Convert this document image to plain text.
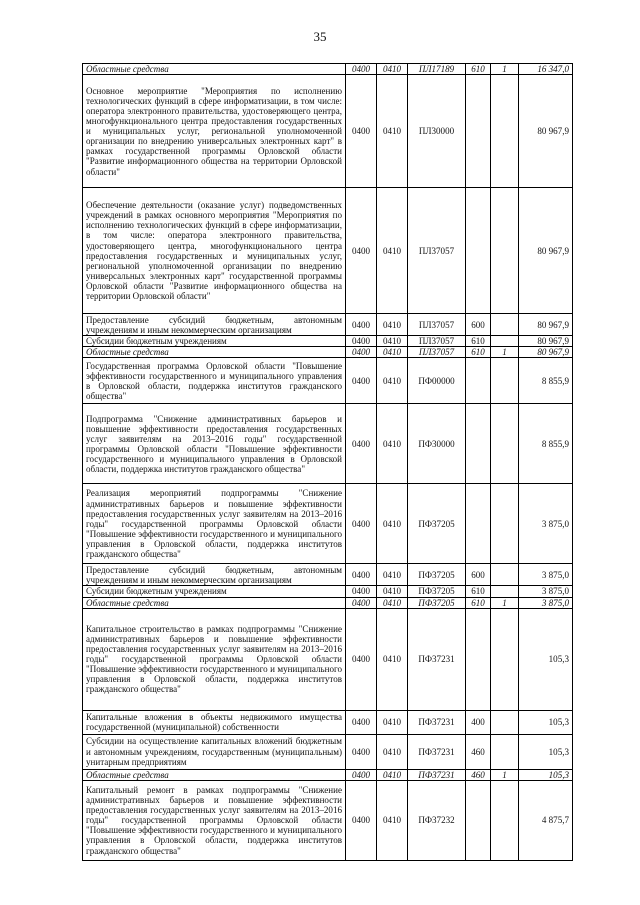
35
Областные средства	0400	0410	ПЛ17189	610	1	16 347,0
Основное мероприятие "Мероприятия по исполнению технологических функций в сфере информатизации, в том числе: оператора электронного правительства, удостоверяющего центра, многофункционального центра предоставления государственных и муниципальных услуг, региональной уполномоченной организации по внедрению универсальных электронных карт" в рамках государственной программы Орловской области "Развитие информационного общества на территории Орловской области"	0400	0410	ПЛ30000			80 967,9
Обеспечение деятельности (оказание услуг) подведомственных учреждений в рамках основного мероприятия "Мероприятия по исполнению технологических функций в сфере информатизации, в том числе: оператора электронного правительства, удостоверяющего центра, многофункционального центра предоставления государственных и муниципальных услуг, региональной уполномоченной организации по внедрению универсальных электронных карт" государственной программы Орловской области "Развитие информационного общества на территории Орловской области"	0400	0410	ПЛ37057			80 967,9
Предоставление субсидий бюджетным, автономным учреждениям и иным некоммерческим организациям	0400	0410	ПЛ37057	600		80 967,9
Субсидии бюджетным учреждениям	0400	0410	ПЛ37057	610		80 967,9
Областные средства	0400	0410	ПЛ37057	610	1	80 967,9
Государственная программа Орловской области "Повышение эффективности государственного и муниципального управления в Орловской области, поддержка институтов гражданского общества"	0400	0410	ПФ00000			8 855,9
Подпрограмма "Снижение административных барьеров и повышение эффективности предоставления государственных услуг заявителям на 2013–2016 годы" государственной программы Орловской области "Повышение эффективности государственного и муниципального управления в Орловской области, поддержка институтов гражданского общества"	0400	0410	ПФ30000			8 855,9
Реализация мероприятий подпрограммы "Снижение административных барьеров и повышение эффективности предоставления государственных услуг заявителям на 2013–2016 годы" государственной программы Орловской области "Повышение эффективности государственного и муниципального управления в Орловской области, поддержка институтов гражданского общества"	0400	0410	ПФ37205			3 875,0
Предоставление субсидий бюджетным, автономным учреждениям и иным некоммерческим организациям	0400	0410	ПФ37205	600		3 875,0
Субсидии бюджетным учреждениям	0400	0410	ПФ37205	610		3 875,0
Областные средства	0400	0410	ПФ37205	610	1	3 875,0
Капитальное строительство в рамках подпрограммы "Снижение административных барьеров и повышение эффективности предоставления государственных услуг заявителям на 2013–2016 годы" государственной программы Орловской области "Повышение эффективности государственного и муниципального управления в Орловской области, поддержка институтов гражданского общества"	0400	0410	ПФ37231			105,3
Капитальные вложения в объекты недвижимого имущества государственной (муниципальной) собственности	0400	0410	ПФ37231	400		105,3
Субсидии на осуществление капитальных вложений бюджетным и автономным учреждениям, государственным (муниципальным) унитарным предприятиям	0400	0410	ПФ37231	460		105,3
Областные средства	0400	0410	ПФ37231	460	1	105,3
Капитальный ремонт в рамках подпрограммы "Снижение административных барьеров и повышение эффективности предоставления государственных услуг заявителям на 2013–2016 годы" государственной программы Орловской области "Повышение эффективности государственного и муниципального управления в Орловской области, поддержка институтов гражданского общества"	0400	0410	ПФ37232			4 875,7
